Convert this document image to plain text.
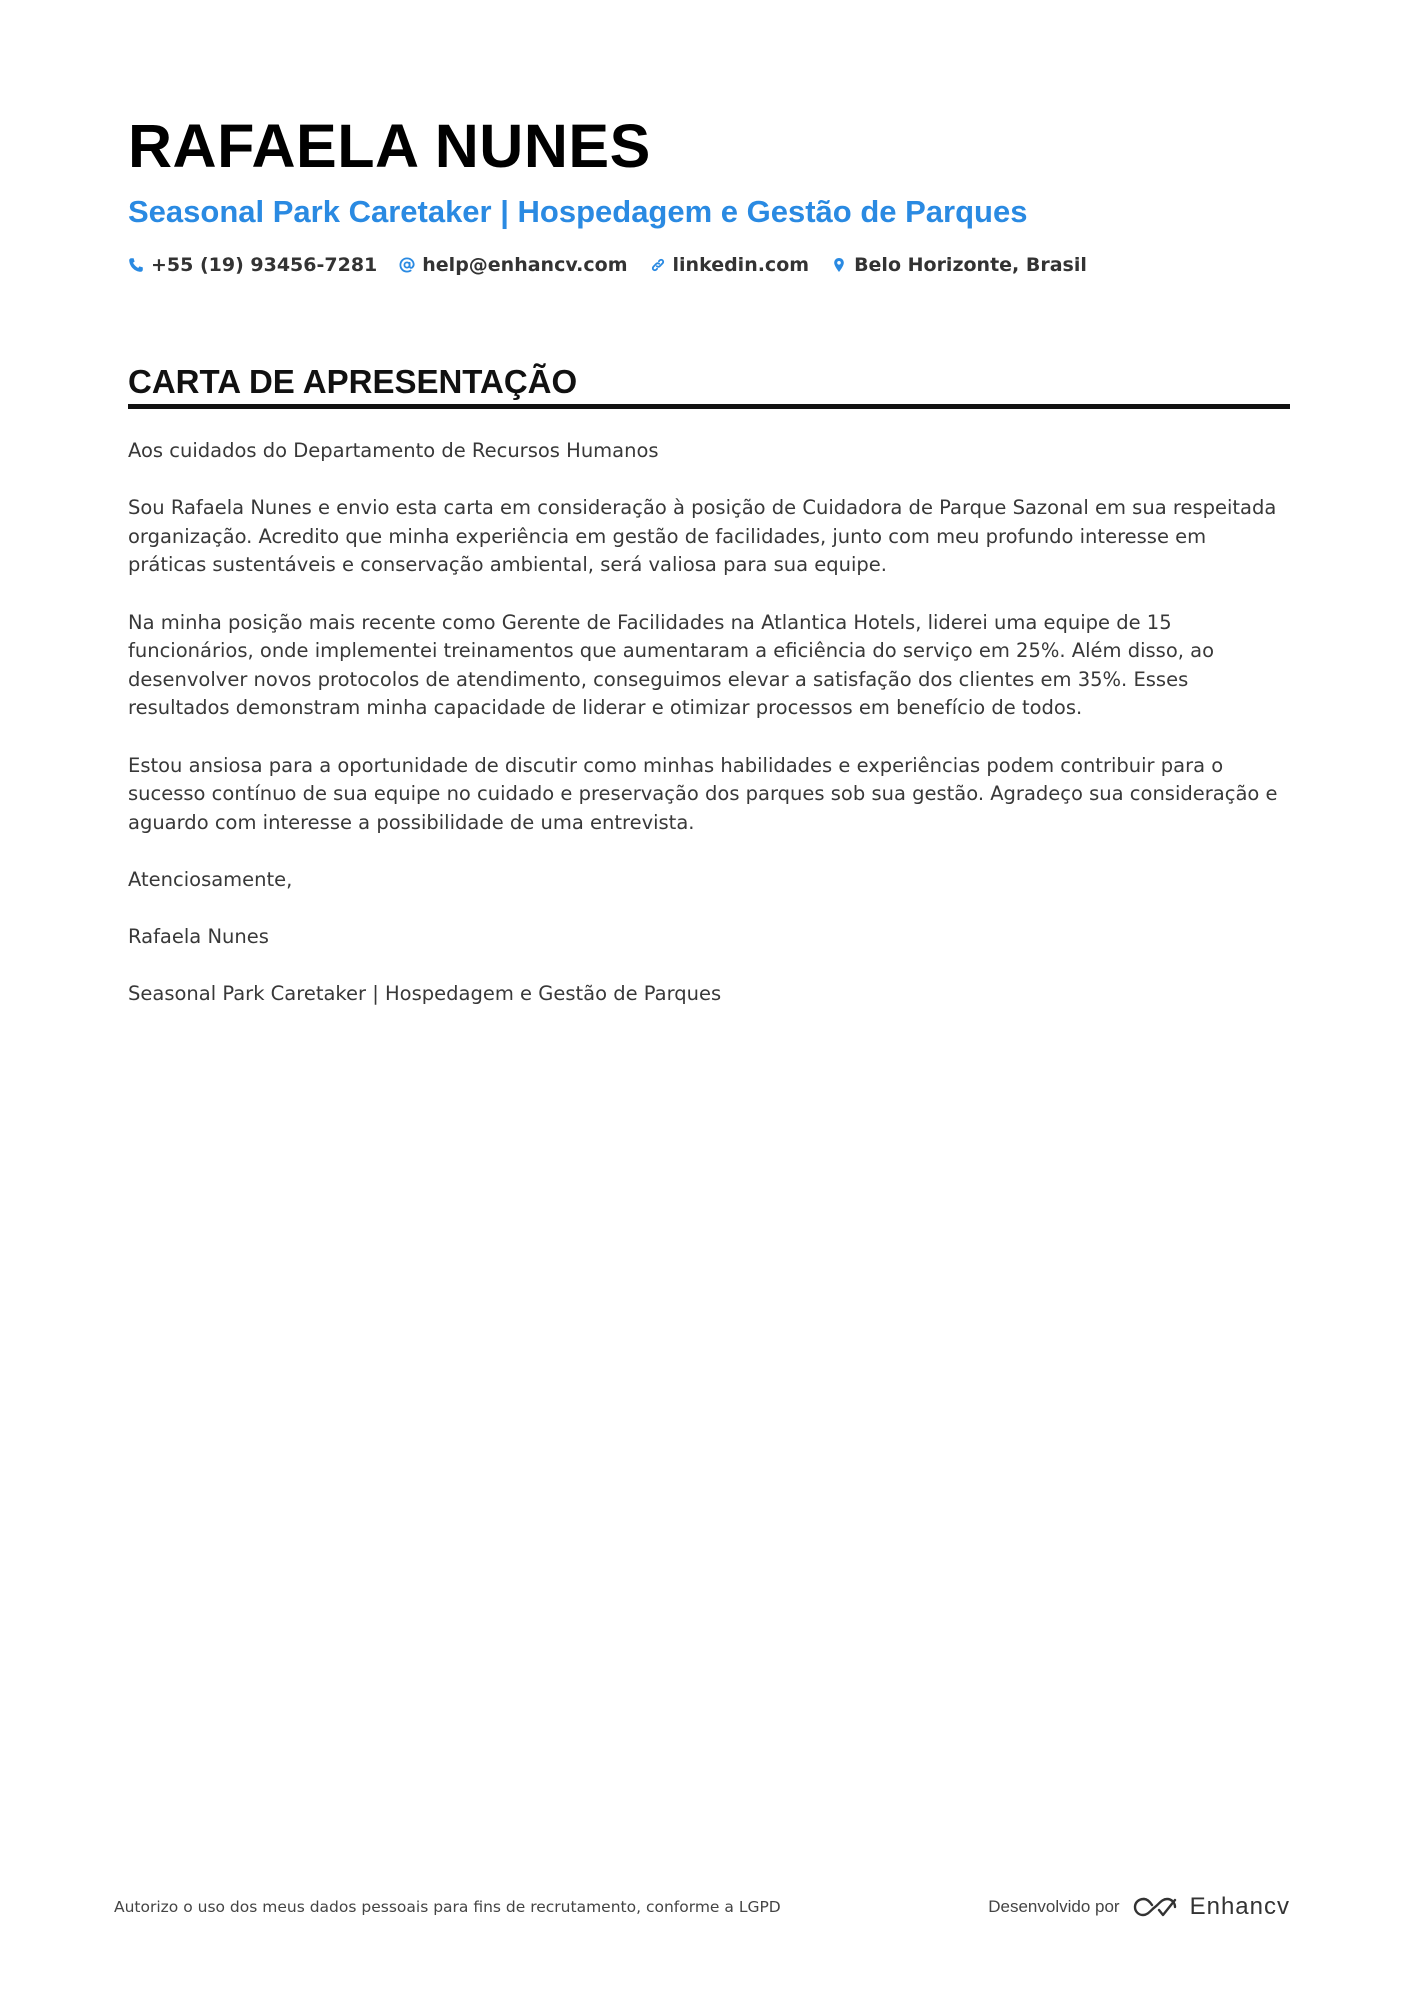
RAFAELA NUNES
Seasonal Park Caretaker | Hospedagem e Gestão de Parques
+55 (19) 93456-7281 help@enhancv.com linkedin.com Belo Horizonte, Brasil
CARTA DE APRESENTAÇÃO

Aos cuidados do Departamento de Recursos Humanos

Sou Rafaela Nunes e envio esta carta em consideração à posição de Cuidadora de Parque Sazonal em sua respeitada organização. Acredito que minha experiência em gestão de facilidades, junto com meu profundo interesse em práticas sustentáveis e conservação ambiental, será valiosa para sua equipe.

Na minha posição mais recente como Gerente de Facilidades na Atlantica Hotels, liderei uma equipe de 15 funcionários, onde implementei treinamentos que aumentaram a eficiência do serviço em 25%. Além disso, ao desenvolver novos protocolos de atendimento, conseguimos elevar a satisfação dos clientes em 35%. Esses resultados demonstram minha capacidade de liderar e otimizar processos em benefício de todos.

Estou ansiosa para a oportunidade de discutir como minhas habilidades e experiências podem contribuir para o sucesso contínuo de sua equipe no cuidado e preservação dos parques sob sua gestão. Agradeço sua consideração e aguardo com interesse a possibilidade de uma entrevista.

Atenciosamente,

Rafaela Nunes

Seasonal Park Caretaker | Hospedagem e Gestão de Parques

Autorizo o uso dos meus dados pessoais para fins de recrutamento, conforme a LGPD	Desenvolvido por	Enhancv
